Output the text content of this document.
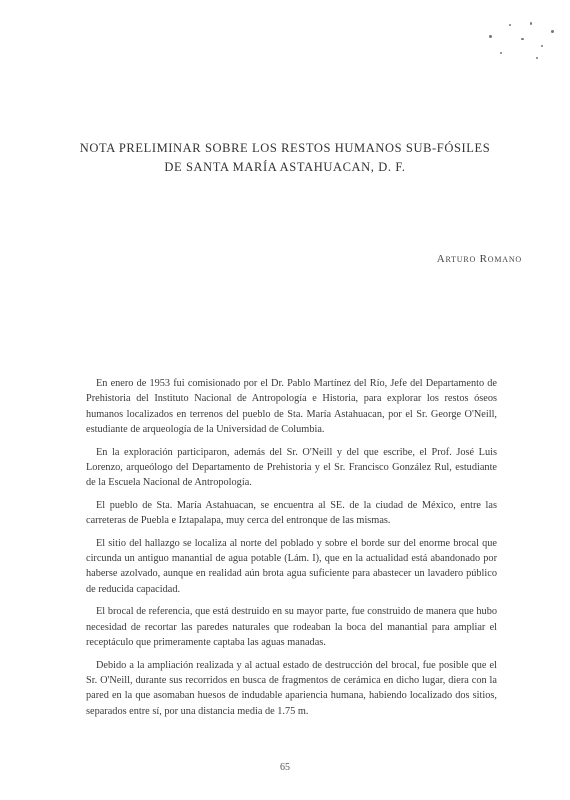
NOTA PRELIMINAR SOBRE LOS RESTOS HUMANOS SUB-FÓSILES
DE SANTA MARÍA ASTAHUACAN, D. F.
Arturo Romano

En enero de 1953 fui comisionado por el Dr. Pablo Martínez del Río, Jefe del Departamento de Prehistoria del Instituto Nacional de Antropología e Historia, para explorar los restos óseos humanos localizados en terrenos del pueblo de Sta. María Astahuacan, por el Sr. George O'Neill, estudiante de arqueología de la Universidad de Columbia.

En la exploración participaron, además del Sr. O'Neill y del que escribe, el Prof. José Luis Lorenzo, arqueólogo del Departamento de Prehistoria y el Sr. Francisco González Rul, estudiante de la Escuela Nacional de Antropología.

El pueblo de Sta. María Astahuacan, se encuentra al SE. de la ciudad de México, entre las carreteras de Puebla e Iztapalapa, muy cerca del entronque de las mismas.

El sitio del hallazgo se localiza al norte del poblado y sobre el borde sur del enorme brocal que circunda un antiguo manantial de agua potable (Lám. I), que en la actualidad está abandonado por haberse azolvado, aunque en realidad aún brota agua suficiente para abastecer un lavadero público de reducida capacidad.

El brocal de referencia, que está destruido en su mayor parte, fue construido de manera que hubo necesidad de recortar las paredes naturales que rodeaban la boca del manantial para ampliar el receptáculo que primeramente captaba las aguas manadas.

Debido a la ampliación realizada y al actual estado de destrucción del brocal, fue posible que el Sr. O'Neill, durante sus recorridos en busca de fragmentos de cerámica en dicho lugar, diera con la pared en la que asomaban huesos de indudable apariencia humana, habiendo localizado dos sitios, separados entre sí, por una distancia media de 1.75 m.

65
